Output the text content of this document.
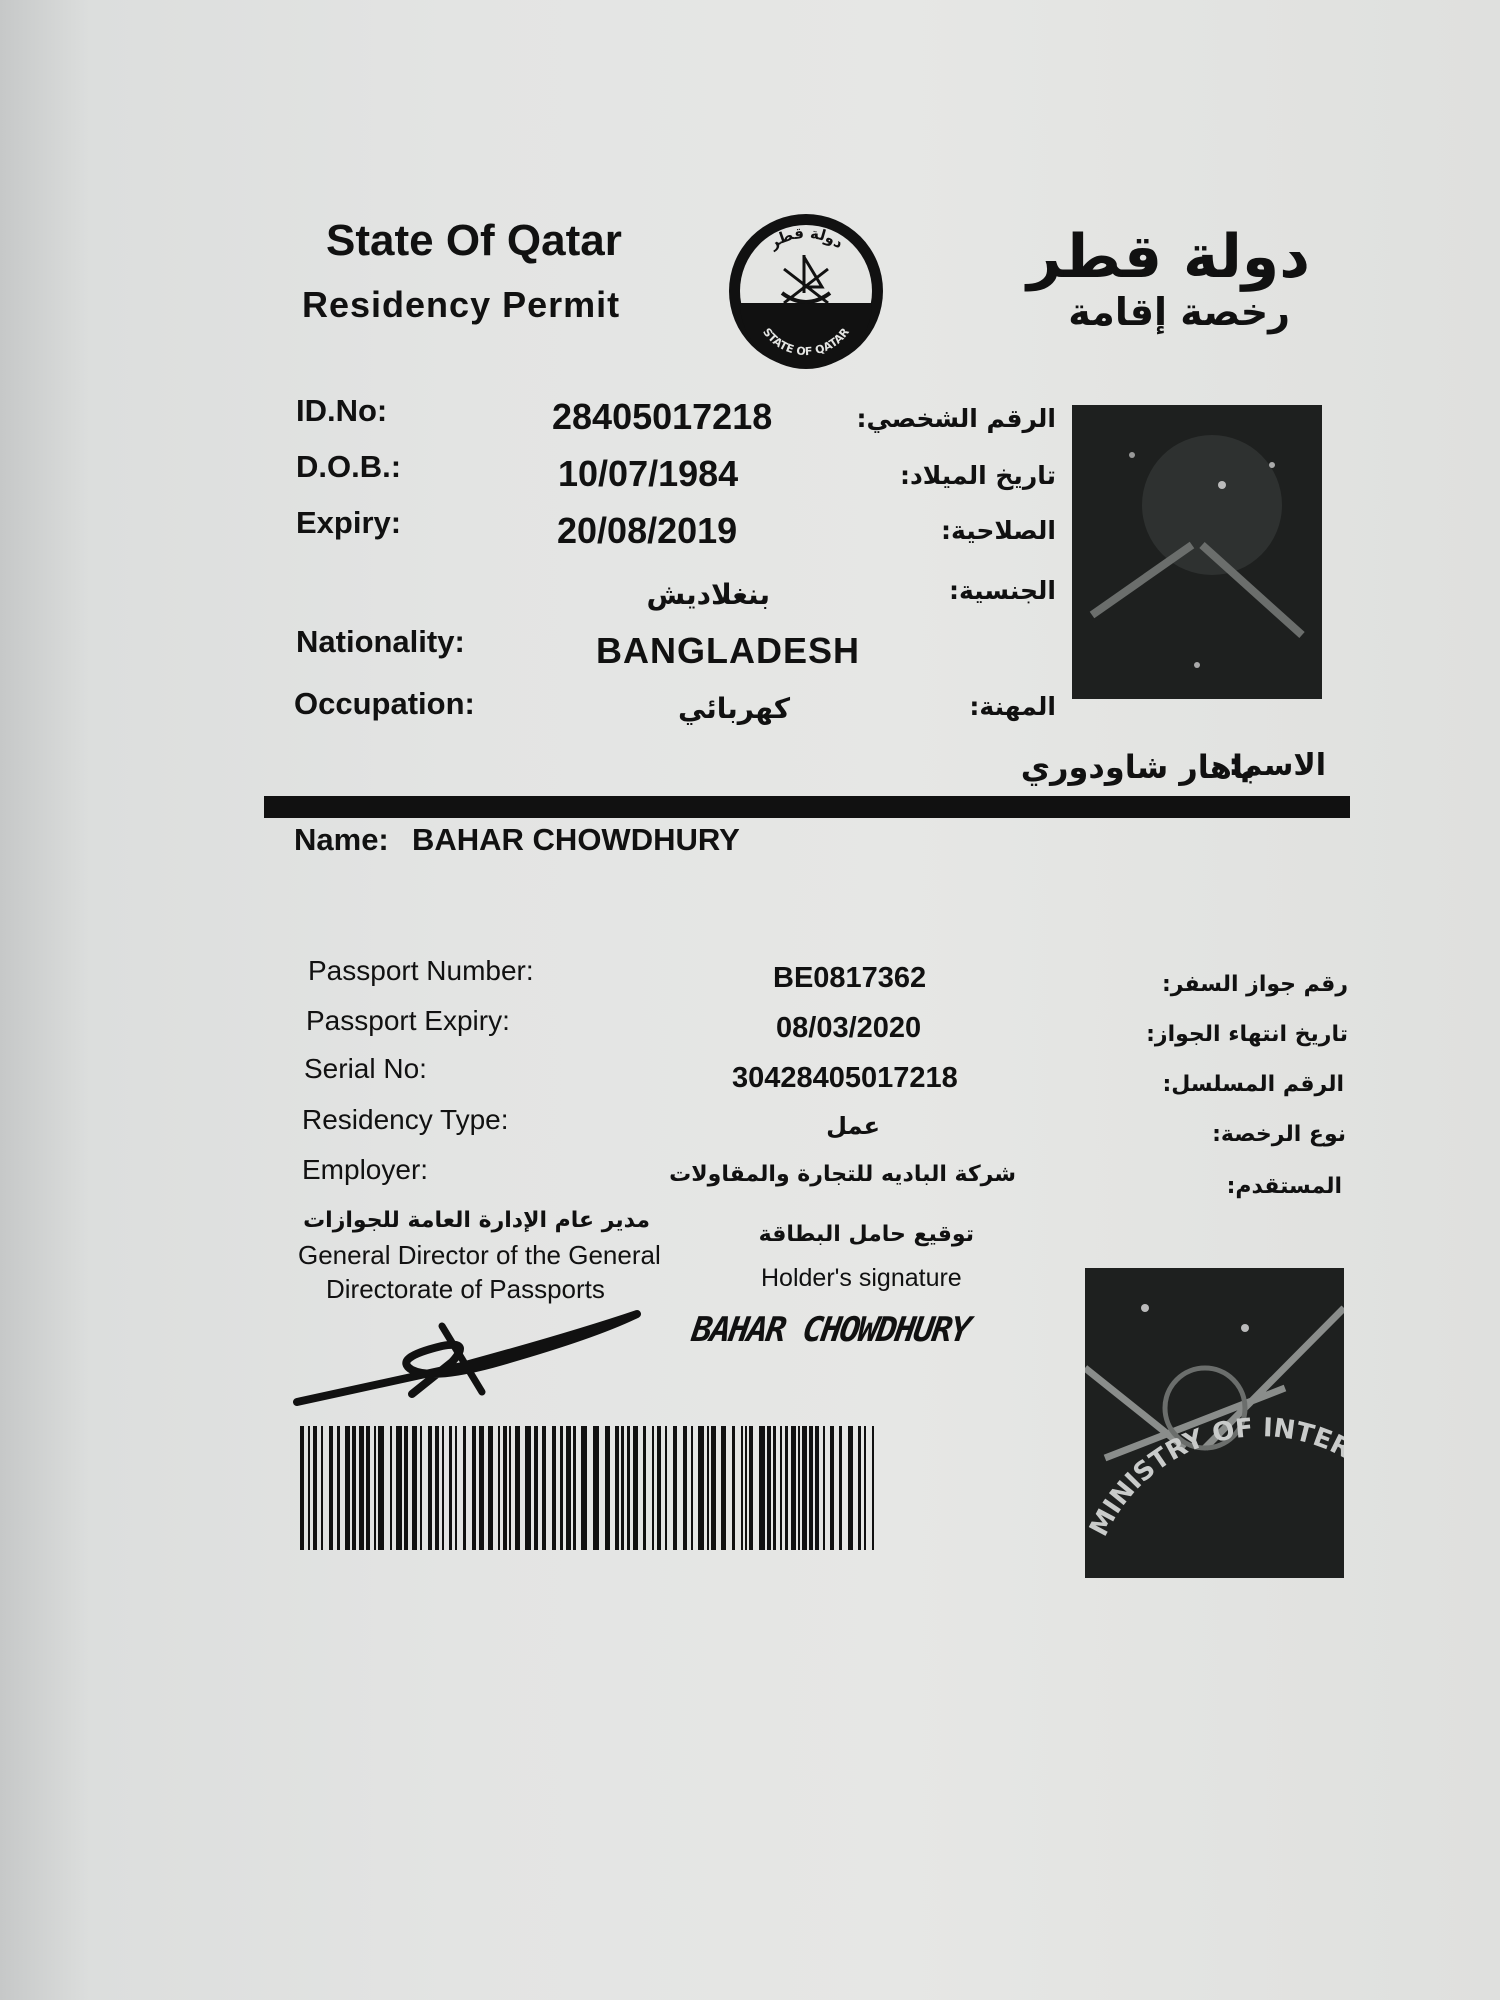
State Of Qatar
Residency Permit
دولة قطر
STATE OF QATAR
دولة قطر
رخصة إقامة
ID.No:	28405017218	الرقم الشخصي:
D.O.B.:	10/07/1984	تاريخ الميلاد:
Expiry:	20/08/2019	الصلاحية:
بنغلاديش	الجنسية:
Nationality:	BANGLADESH
Occupation:	كهربائي	المهنة:
الاسم:
باهار شاودوري
Name: BAHAR CHOWDHURY
Passport Number:	BE0817362	رقم جواز السفر:
Passport Expiry:	08/03/2020	تاريخ انتهاء الجواز:
Serial No:	30428405017218	الرقم المسلسل:
Residency Type:	عمل	نوع الرخصة:
Employer:	شركة الباديه للتجارة والمقاولات	المستقدم:
مدير عام الإدارة العامة للجوازات
General Director of the General
Directorate of Passports
توقيع حامل البطاقة
Holder's signature
BAHAR CHOWDHURY
MINISTRY OF INTE
